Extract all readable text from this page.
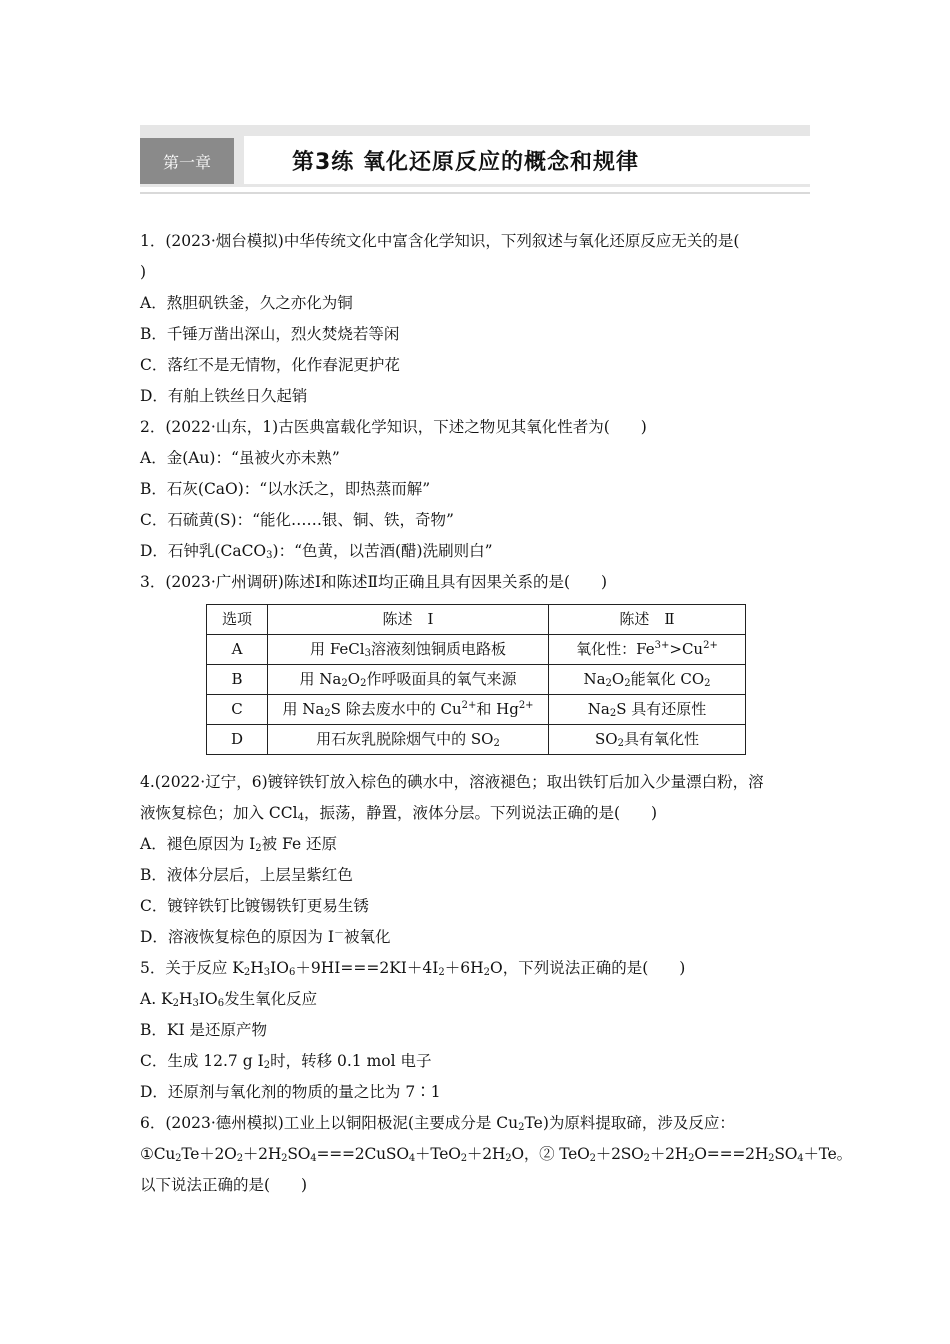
第一章	第3练 氧化还原反应的概念和规律
1．(2023·烟台模拟)中华传统文化中富含化学知识，下列叙述与氧化还原反应无关的是(
)
A．熬胆矾铁釜，久之亦化为铜
B．千锤万凿出深山，烈火焚烧若等闲
C．落红不是无情物，化作春泥更护花
D．有舶上铁丝日久起销
2．(2022·山东，1)古医典富载化学知识，下述之物见其氧化性者为(　　)
A．金(Au)：“虽被火亦未熟”
B．石灰(CaO)：“以水沃之，即热蒸而解”
C．石硫黄(S)：“能化……银、铜、铁，奇物”
D．石钟乳(CaCO$_3$)：“色黄，以苦酒(醋)洗刷则白”
3．(2023·广州调研)陈述Ⅰ和陈述Ⅱ均正确且具有因果关系的是(　　)
选项	陈述　Ⅰ	陈述　Ⅱ
A	用 FeCl$_3$溶液刻蚀铜质电路板	氧化性：$Fe^{3+}>Cu^{2+}$
B	用 $Na_2O_2$作呼吸面具的氧气来源	$Na_2O_2$能氧化 $CO_2$
C	用 $Na_2S$ 除去废水中的 $Cu^{2+}$和 $Hg^{2+}$	$Na_2S$ 具有还原性
D	用石灰乳脱除烟气中的 $SO_2$	$SO_2$具有氧化性
4.(2022·辽宁，6)镀锌铁钉放入棕色的碘水中，溶液褪色；取出铁钉后加入少量漂白粉，溶
液恢复棕色；加入 CCl$_4$，振荡，静置，液体分层。下列说法正确的是(　　)
A．褪色原因为 $I_2$被 Fe 还原
B．液体分层后，上层呈紫红色
C．镀锌铁钉比镀锡铁钉更易生锈
D．溶液恢复棕色的原因为 I－被氧化
5．关于反应 $K_2H_3IO_6+9HI===2KI+4I_2+6H_2O$，下列说法正确的是(　　)
A. $K_2H_3IO_6$发生氧化反应
B．KI 是还原产物
C．生成 12.7 g $I_2$时，转移 0.1 mol 电子
D．还原剂与氧化剂的物质的量之比为 7∶1
6．(2023·德州模拟)工业上以铜阳极泥(主要成分是 $Cu_2Te$)为原料提取碲，涉及反应：
$①Cu_2Te+2O_2+2H_2SO_4===2CuSO_4+TeO_2+2H_2O$，② $TeO_2+2SO_2+2H_2O===2H_2SO_4+Te$。
以下说法正确的是(　　)
